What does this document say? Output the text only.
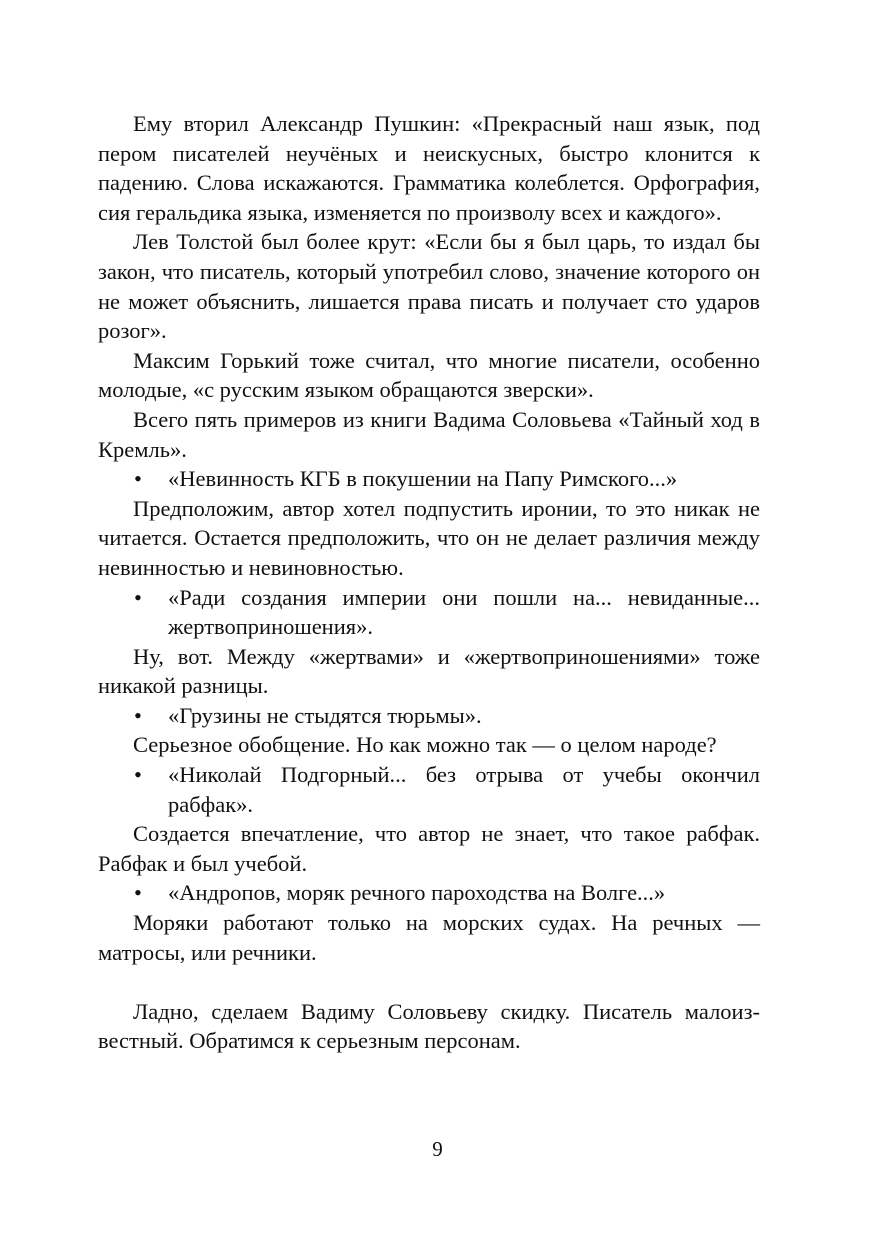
Ему вторил Александр Пушкин: «Прекрасный наш язык, под пером писателей неучёных и неискусных, быстро клонится к падению. Слова искажаются. Грамматика колеблется. Орфография, сия геральдика языка, изменяется по произволу всех и каждого».

Лев Толстой был более крут: «Если бы я был царь, то издал бы закон, что писатель, который употребил слово, значение которого он не может объяснить, лишается права писать и получает сто ударов розог».

Максим Горький тоже считал, что многие писатели, особенно молодые, «с русским языком обращаются зверски».

Всего пять примеров из книги Вадима Соловьева «Тайный ход в Кремль».

•	«Невинность КГБ в покушении на Папу Римского...»

Предположим, автор хотел подпустить иронии, то это никак не читается. Остается предположить, что он не делает различия между невинностью и невиновностью.

•	«Ради создания империи они пошли на... невиданные... жертвоприношения».

Ну, вот. Между «жертвами» и «жертвоприношениями» тоже никакой разницы.

•	«Грузины не стыдятся тюрьмы».

Серьезное обобщение. Но как можно так — о целом народе?

•	«Николай Подгорный... без отрыва от учебы окончил рабфак».

Создается впечатление, что автор не знает, что такое рабфак. Рабфак и был учебой.

•	«Андропов, моряк речного пароходства на Волге...»

Моряки работают только на морских судах. На речных — матросы, или речники.

Ладно, сделаем Вадиму Соловьеву скидку. Писатель малоизвестный. Обратимся к серьезным персонам.

9
